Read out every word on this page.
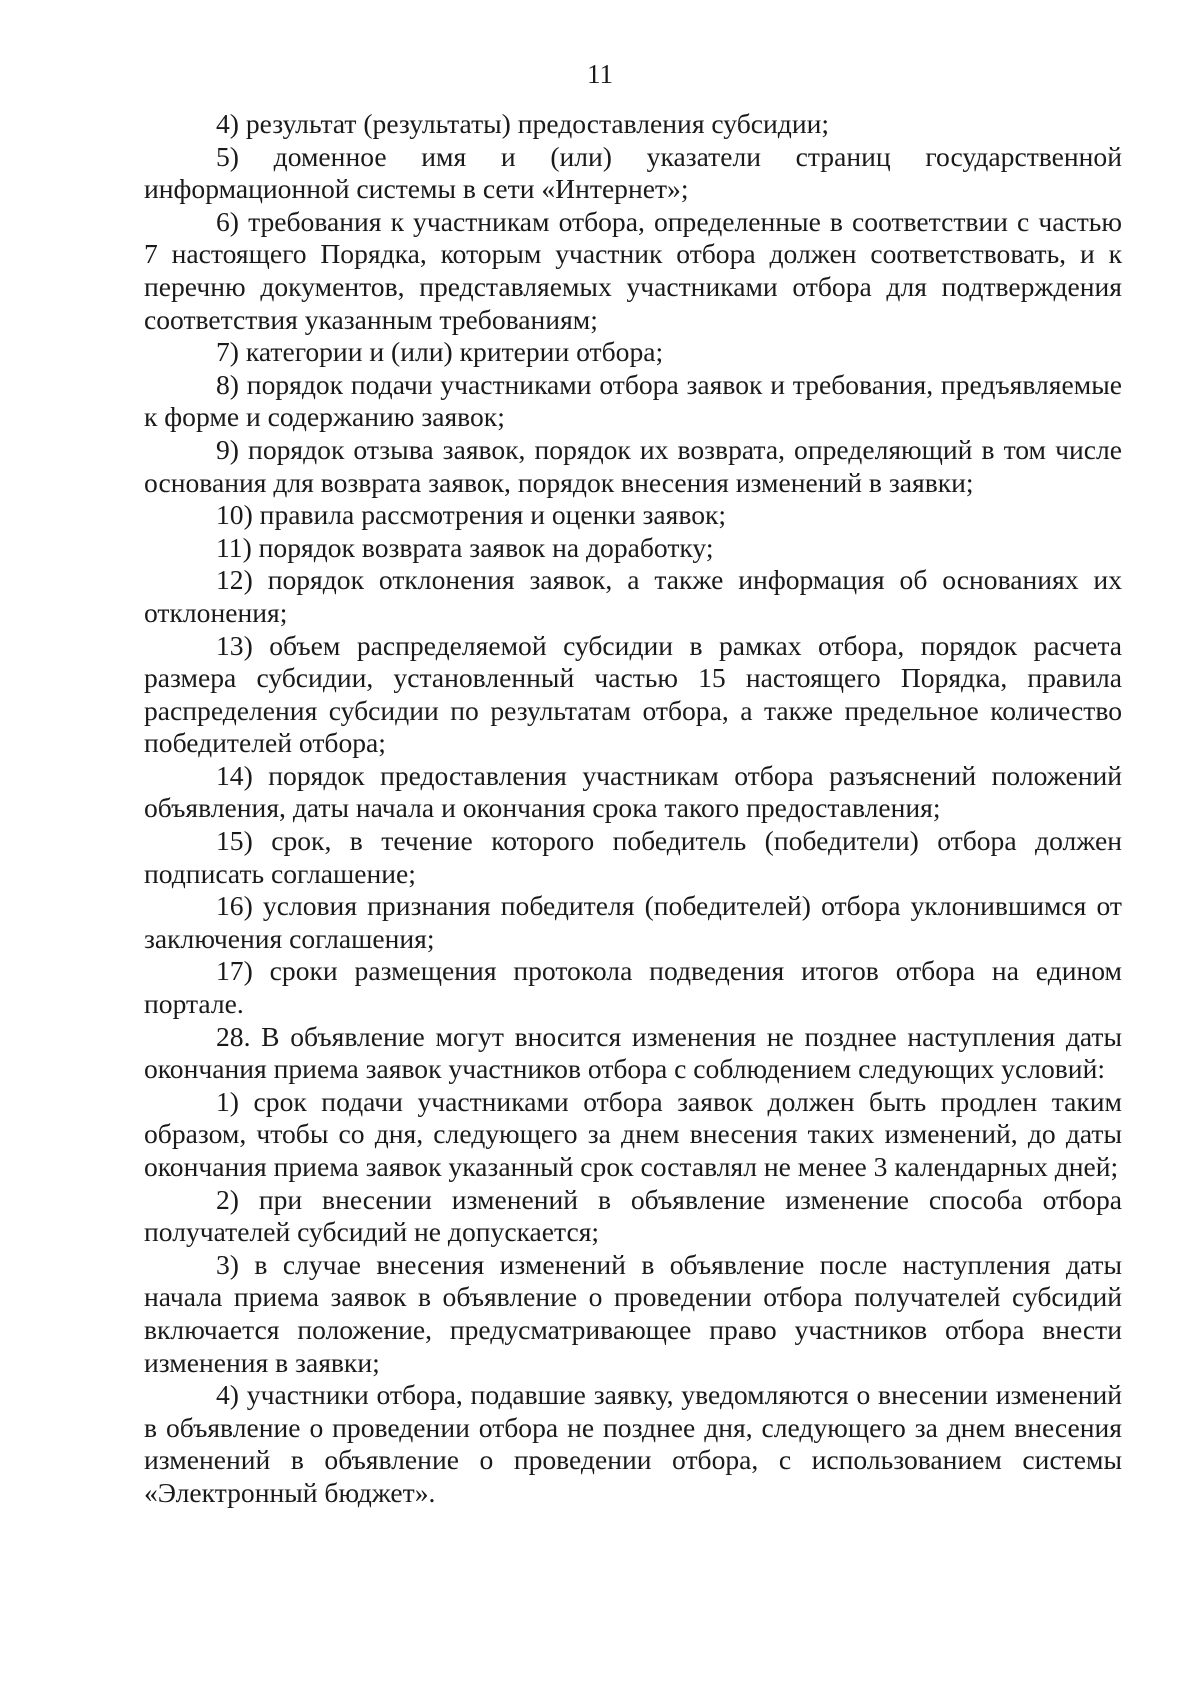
11

4) результат (результаты) предоставления субсидии;

5) доменное имя и (или) указатели страниц государственной информационной системы в сети «Интернет»;

6) требования к участникам отбора, определенные в соответствии с частью 7 настоящего Порядка, которым участник отбора должен соответствовать, и к перечню документов, представляемых участниками отбора для подтверждения соответствия указанным требованиям;

7) категории и (или) критерии отбора;

8) порядок подачи участниками отбора заявок и требования, предъявляемые к форме и содержанию заявок;

9) порядок отзыва заявок, порядок их возврата, определяющий в том числе основания для возврата заявок, порядок внесения изменений в заявки;

10) правила рассмотрения и оценки заявок;

11) порядок возврата заявок на доработку;

12) порядок отклонения заявок, а также информация об основаниях их отклонения;

13) объем распределяемой субсидии в рамках отбора, порядок расчета размера субсидии, установленный частью 15 настоящего Порядка, правила распределения субсидии по результатам отбора, а также предельное количество победителей отбора;

14) порядок предоставления участникам отбора разъяснений положений объявления, даты начала и окончания срока такого предоставления;

15) срок, в течение которого победитель (победители) отбора должен подписать соглашение;

16) условия признания победителя (победителей) отбора уклонившимся от заключения соглашения;

17) сроки размещения протокола подведения итогов отбора на едином портале.

28. В объявление могут вносится изменения не позднее наступления даты окончания приема заявок участников отбора с соблюдением следующих условий:

1) срок подачи участниками отбора заявок должен быть продлен таким образом, чтобы со дня, следующего за днем внесения таких изменений, до даты окончания приема заявок указанный срок составлял не менее 3 календарных дней;

2) при внесении изменений в объявление изменение способа отбора получателей субсидий не допускается;

3) в случае внесения изменений в объявление после наступления даты начала приема заявок в объявление о проведении отбора получателей субсидий включается положение, предусматривающее право участников отбора внести изменения в заявки;

4) участники отбора, подавшие заявку, уведомляются о внесении изменений в объявление о проведении отбора не позднее дня, следующего за днем внесения изменений в объявление о проведении отбора, с использованием системы «Электронный бюджет».
